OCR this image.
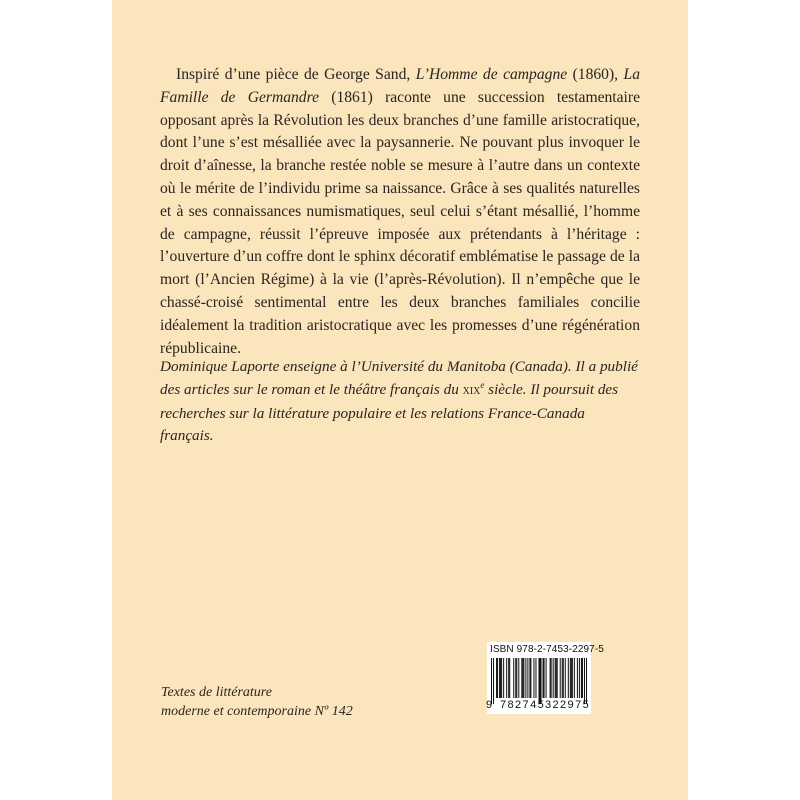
Inspiré d’une pièce de George Sand, L’Homme de campagne (1860), La Famille de Germandre (1861) raconte une succession testamentaire opposant après la Révolution les deux branches d’une famille aristocratique, dont l’une s’est mésalliée avec la paysannerie. Ne pouvant plus invoquer le droit d’aînesse, la branche restée noble se mesure à l’autre dans un contexte où le mérite de l’individu prime sa naissance. Grâce à ses qualités naturelles et à ses connaissances numismatiques, seul celui s’étant mésallié, l’homme de campagne, réussit l’épreuve imposée aux prétendants à l’héritage : l’ouverture d’un coffre dont le sphinx décoratif emblématise le passage de la mort (l’Ancien Régime) à la vie (l’après-Révolution). Il n’empêche que le chassé-croisé sentimental entre les deux branches familiales concilie idéalement la tradition aristocratique avec les promesses d’une régénération républicaine.

Dominique Laporte enseigne à l’Université du Manitoba (Canada). Il a publié des articles sur le roman et le théâtre français du xix$^e$ siècle. Il poursuit des recherches sur la littérature populaire et les relations France-Canada français.

Textes de littérature
moderne et contemporaine Nº 142
ISBN 978-2-7453-2297-5
9 782745 322975
